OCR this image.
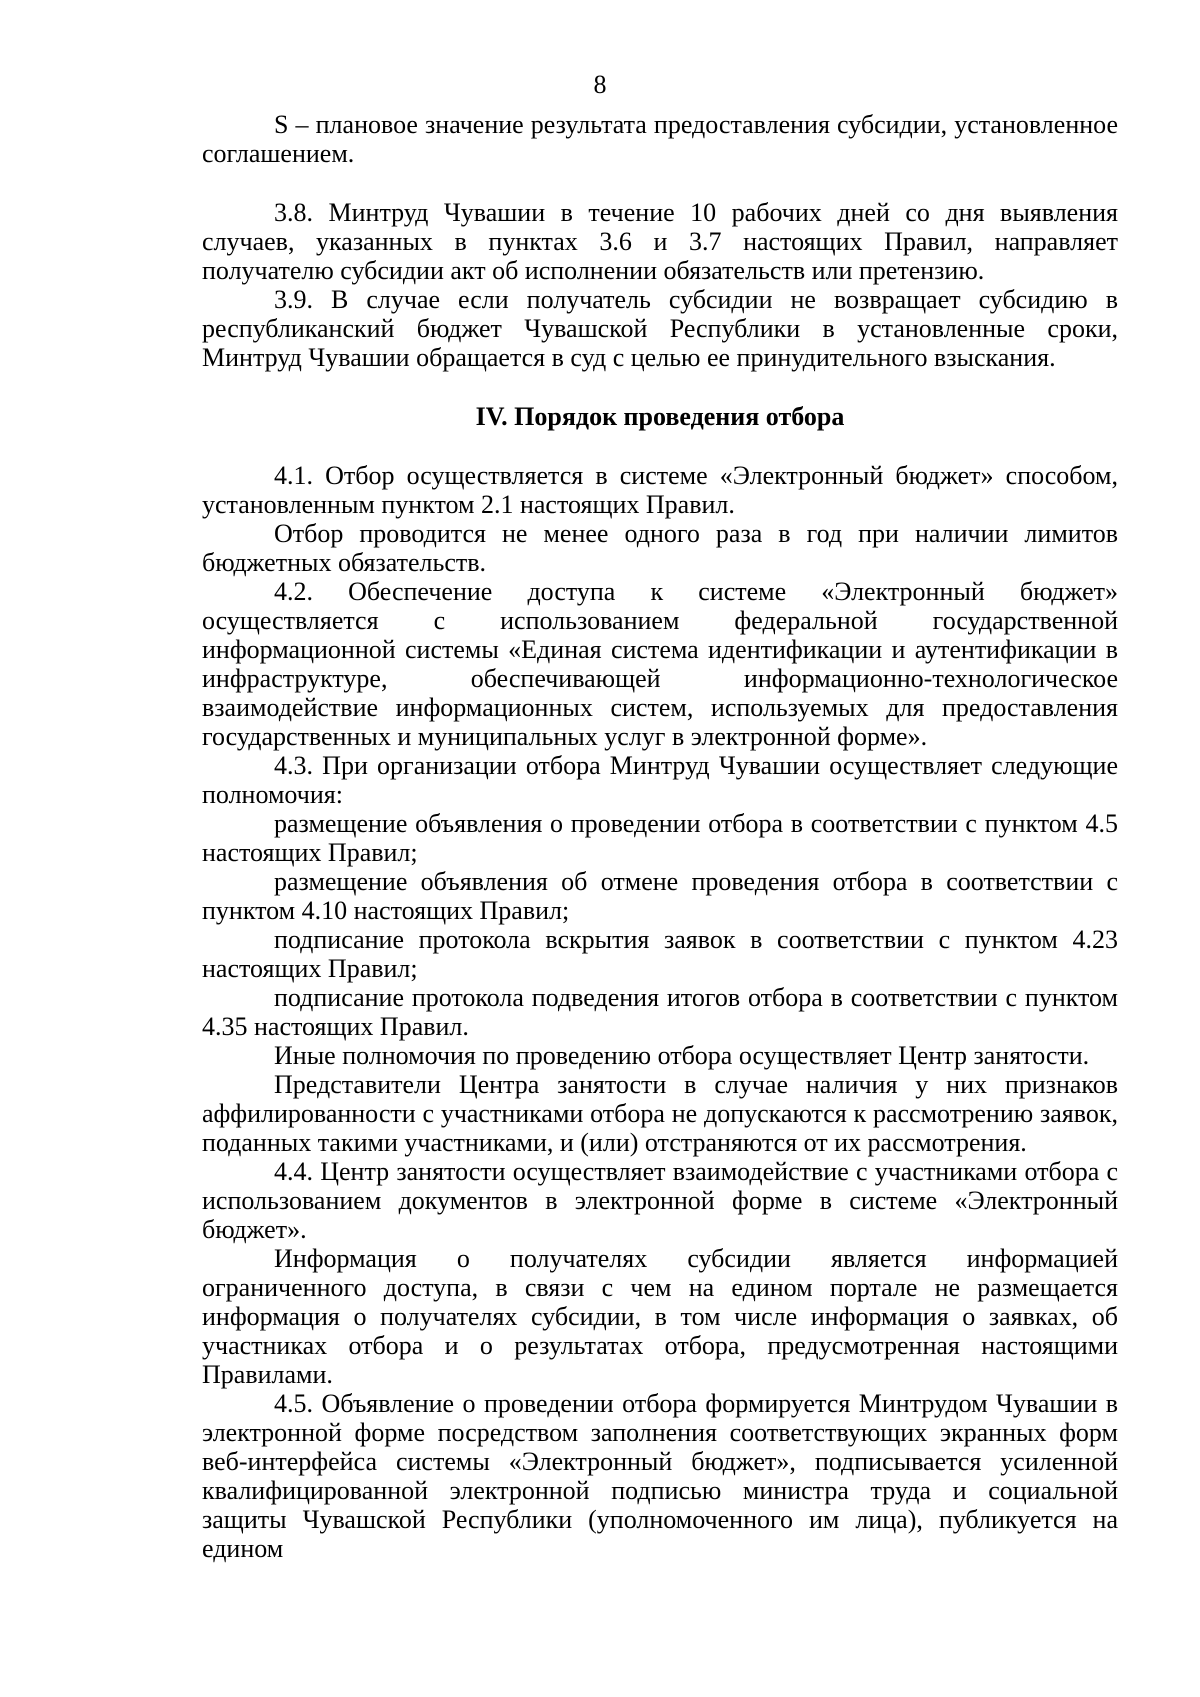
8

S – плановое значение результата предоставления субсидии, установленное соглашением.

3.8. Минтруд Чувашии в течение 10 рабочих дней со дня выявления случаев, указанных в пунктах 3.6 и 3.7 настоящих Правил, направляет получателю субсидии акт об исполнении обязательств или претензию.

3.9. В случае если получатель субсидии не возвращает субсидию в республиканский бюджет Чувашской Республики в установленные сроки, Минтруд Чувашии обращается в суд с целью ее принудительного взыскания.

IV. Порядок проведения отбора

4.1. Отбор осуществляется в системе «Электронный бюджет» способом, установленным пунктом 2.1 настоящих Правил.

Отбор проводится не менее одного раза в год при наличии лимитов бюджетных обязательств.

4.2. Обеспечение доступа к системе «Электронный бюджет» осуществляется с использованием федеральной государственной информационной системы «Единая система идентификации и аутентификации в инфраструктуре, обеспечивающей информационно-технологическое взаимодействие информационных систем, используемых для предоставления государственных и муниципальных услуг в электронной форме».

4.3. При организации отбора Минтруд Чувашии осуществляет следующие полномочия:

размещение объявления о проведении отбора в соответствии с пунктом 4.5 настоящих Правил;

размещение объявления об отмене проведения отбора в соответствии с пунктом 4.10 настоящих Правил;

подписание протокола вскрытия заявок в соответствии с пунктом 4.23 настоящих Правил;

подписание протокола подведения итогов отбора в соответствии с пунктом 4.35 настоящих Правил.

Иные полномочия по проведению отбора осуществляет Центр занятости.

Представители Центра занятости в случае наличия у них признаков аффилированности с участниками отбора не допускаются к рассмотрению заявок, поданных такими участниками, и (или) отстраняются от их рассмотрения.

4.4. Центр занятости осуществляет взаимодействие с участниками отбора с использованием документов в электронной форме в системе «Электронный бюджет».

Информация о получателях субсидии является информацией ограниченного доступа, в связи с чем на едином портале не размещается информация о получателях субсидии, в том числе информация о заявках, об участниках отбора и о результатах отбора, предусмотренная настоящими Правилами.

4.5. Объявление о проведении отбора формируется Минтрудом Чувашии в электронной форме посредством заполнения соответствующих экранных форм веб-интерфейса системы «Электронный бюджет», подписывается усиленной квалифицированной электронной подписью министра труда и социальной защиты Чувашской Республики (уполномоченного им лица), публикуется на едином
